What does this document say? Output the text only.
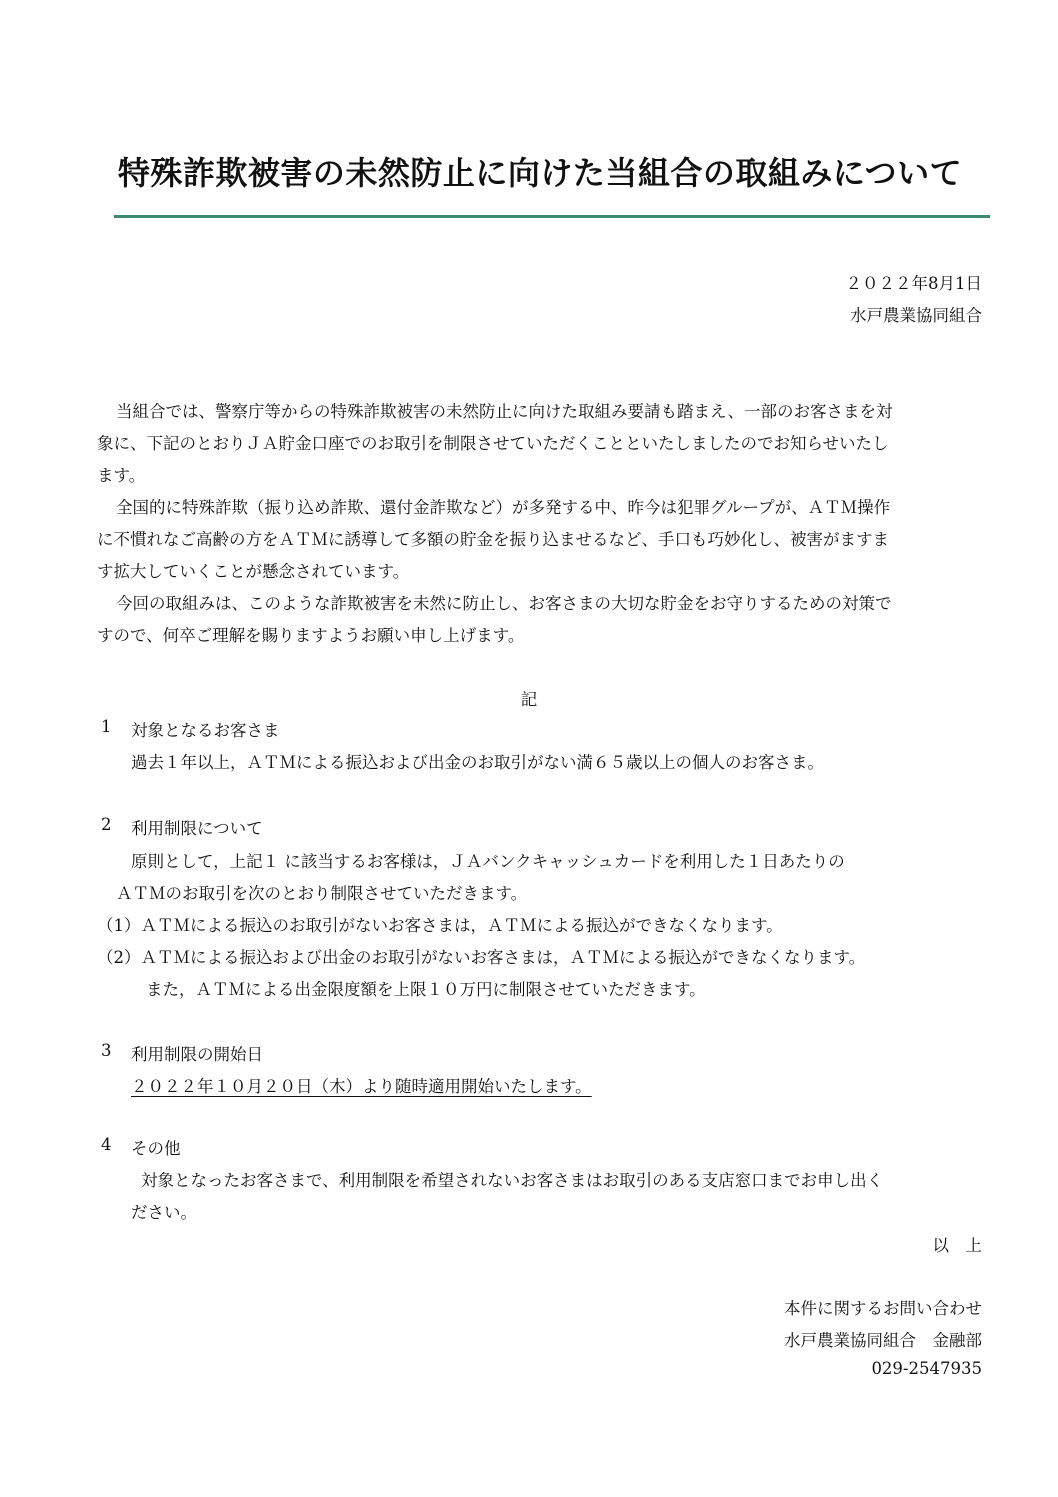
特殊詐欺被害の未然防止に向けた当組合の取組みについて
２０２２年8月1日
水戸農業協同組合
当組合では、警察庁等からの特殊詐欺被害の未然防止に向けた取組み要請も踏まえ、一部のお客さまを対
象に、下記のとおりＪＡ貯金口座でのお取引を制限させていただくことといたしましたのでお知らせいたし
ます。
全国的に特殊詐欺（振り込め詐欺、還付金詐欺など）が多発する中、昨今は犯罪グループが、ＡＴＭ操作
に不慣れなご高齢の方をＡＴＭに誘導して多額の貯金を振り込ませるなど、手口も巧妙化し、被害がますま
す拡大していくことが懸念されています。
今回の取組みは、このような詐欺被害を未然に防止し、お客さまの大切な貯金をお守りするための対策で
すので、何卒ご理解を賜りますようお願い申し上げます。
記
1 対象となるお客さま
過去１年以上，ＡＴＭによる振込および出金のお取引がない満６５歳以上の個人のお客さま。
2 利用制限について
原則として，上記１ に該当するお客様は，ＪＡバンクキャッシュカードを利用した１日あたりの
ＡＴＭのお取引を次のとおり制限させていただきます。
（1）ＡＴＭによる振込のお取引がないお客さまは，ＡＴＭによる振込ができなくなります。
（2）ＡＴＭによる振込および出金のお取引がないお客さまは，ＡＴＭによる振込ができなくなります。
また，ＡＴＭによる出金限度額を上限１０万円に制限させていただきます。
3 利用制限の開始日
２０２２年１０月２０日（木）より随時適用開始いたします。
4 その他
対象となったお客さまで、利用制限を希望されないお客さまはお取引のある支店窓口までお申し出く
ださい。
以　上
本件に関するお問い合わせ
水戸農業協同組合　金融部
029-2547935
